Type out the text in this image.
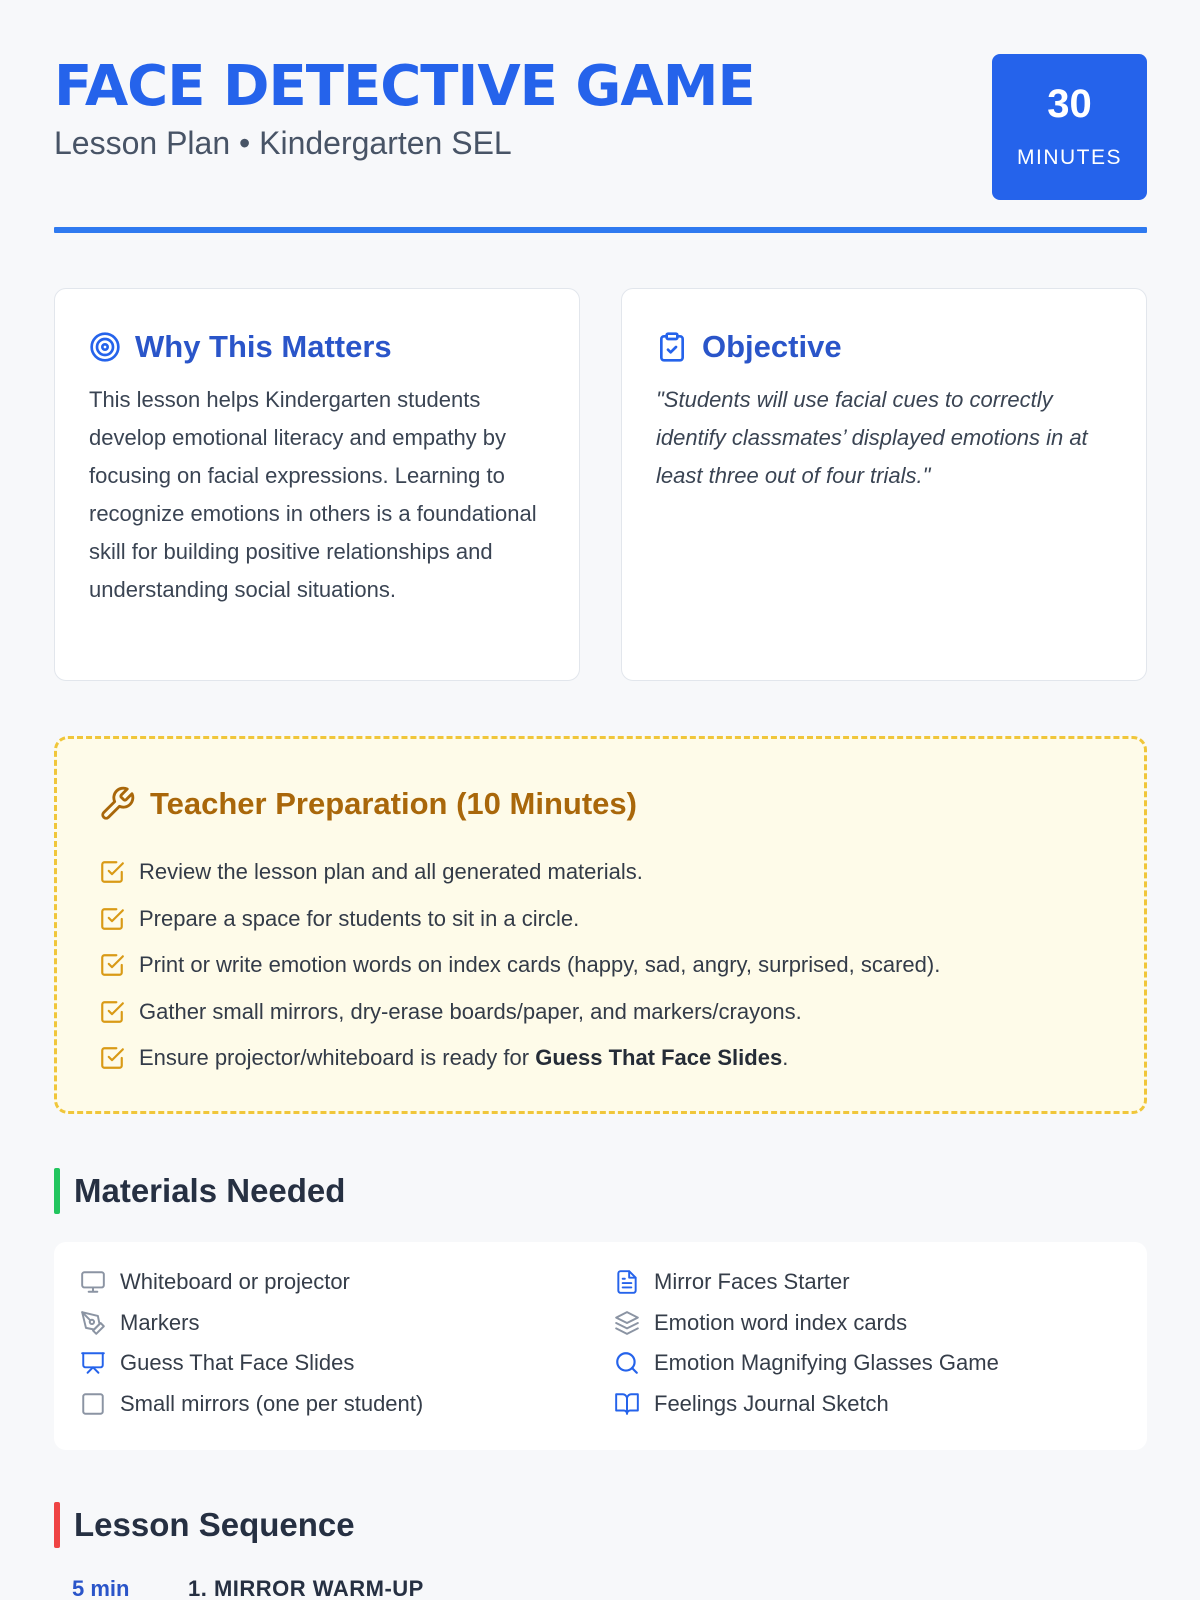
FACE DETECTIVE GAME
Lesson Plan • Kindergarten SEL
30
MINUTES
Why This Matters
This lesson helps Kindergarten students develop emotional literacy and empathy by focusing on facial expressions. Learning to recognize emotions in others is a foundational skill for building positive relationships and understanding social situations.
Objective
"Students will use facial cues to correctly identify classmates’ displayed emotions in at least three out of four trials."
Teacher Preparation (10 Minutes)
Review the lesson plan and all generated materials.
Prepare a space for students to sit in a circle.
Print or write emotion words on index cards (happy, sad, angry, surprised, scared).
Gather small mirrors, dry-erase boards/paper, and markers/crayons.
Ensure projector/whiteboard is ready for Guess That Face Slides.
Materials Needed
Whiteboard or projector
Markers
Guess That Face Slides
Small mirrors (one per student)
Mirror Faces Starter
Emotion word index cards
Emotion Magnifying Glasses Game
Feelings Journal Sketch
Lesson Sequence
5 min	1. MIRROR WARM-UP
